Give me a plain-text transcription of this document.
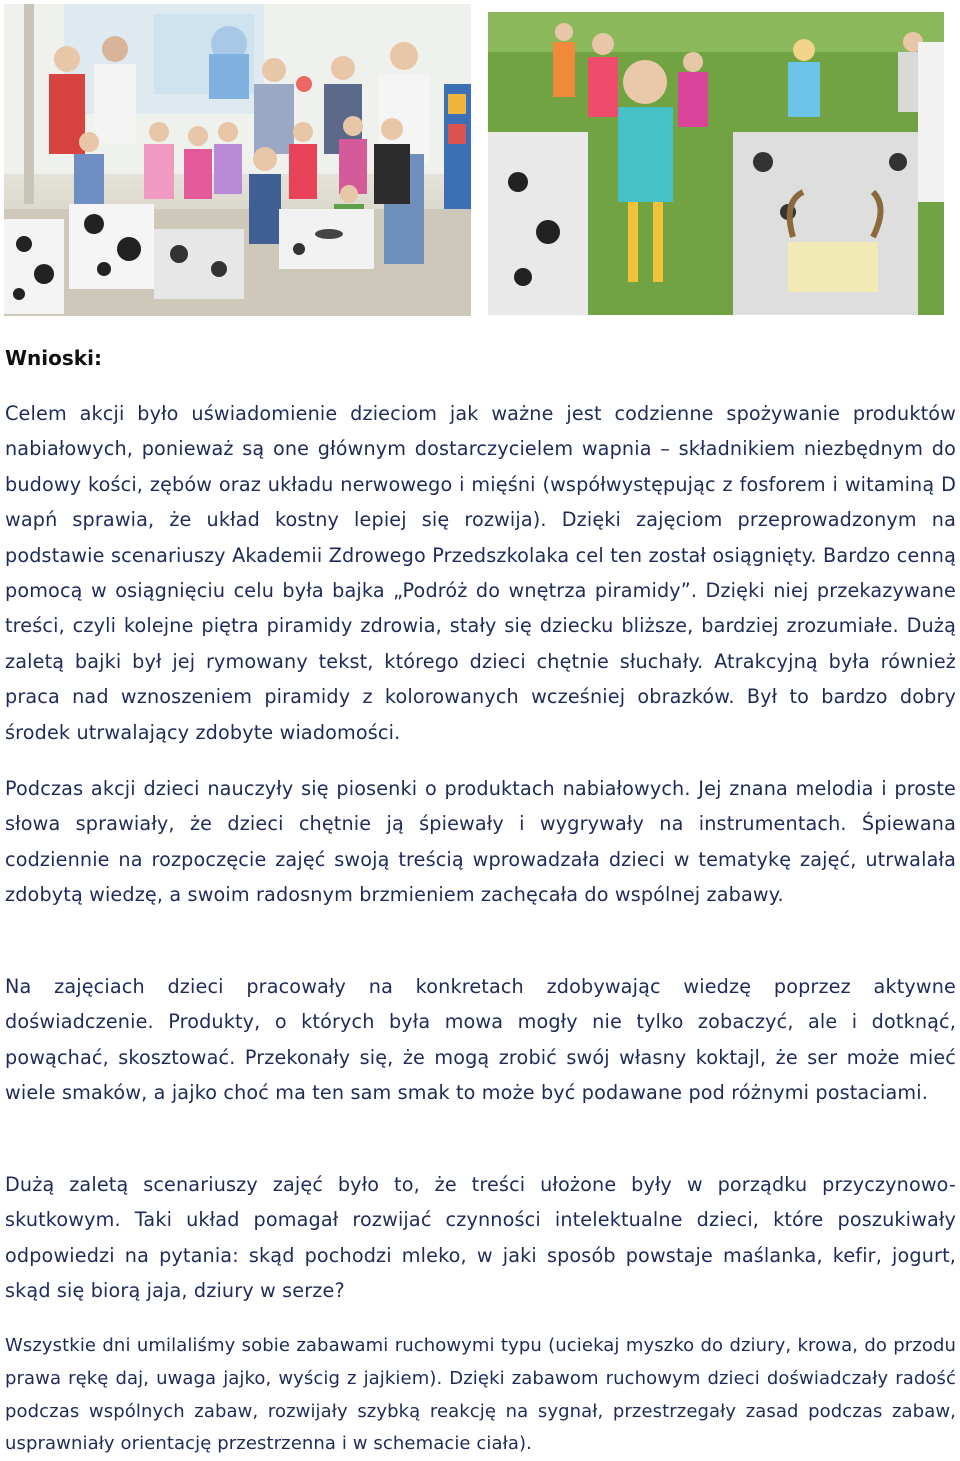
Wnioski:

Celem akcji było uświadomienie dzieciom jak ważne jest codzienne spożywanie produktów nabiałowych, ponieważ są one głównym dostarczycielem wapnia – składnikiem niezbędnym do budowy kości, zębów oraz układu nerwowego i mięśni (współwystępując z fosforem i witaminą D wapń sprawia, że układ kostny lepiej się rozwija). Dzięki zajęciom przeprowadzonym na podstawie scenariuszy Akademii Zdrowego Przedszkolaka cel ten został osiągnięty. Bardzo cenną pomocą w osiągnięciu celu była bajka „Podróż do wnętrza piramidy”. Dzięki niej przekazywane treści, czyli kolejne piętra piramidy zdrowia, stały się dziecku bliższe, bardziej zrozumiałe. Dużą zaletą bajki był jej rymowany tekst, którego dzieci chętnie słuchały. Atrakcyjną była również praca nad wznoszeniem piramidy z kolorowanych wcześniej obrazków. Był to bardzo dobry środek utrwalający zdobyte wiadomości.

Podczas akcji dzieci nauczyły się piosenki o produktach nabiałowych. Jej znana melodia i proste słowa sprawiały, że dzieci chętnie ją śpiewały i wygrywały na instrumentach. Śpiewana codziennie na rozpoczęcie zajęć swoją treścią wprowadzała dzieci w tematykę zajęć, utrwalała zdobytą wiedzę, a swoim radosnym brzmieniem zachęcała do wspólnej zabawy.

Na zajęciach dzieci pracowały na konkretach zdobywając wiedzę poprzez aktywne doświadczenie. Produkty, o których była mowa mogły nie tylko zobaczyć, ale i dotknąć, powąchać, skosztować. Przekonały się, że mogą zrobić swój własny koktajl, że ser może mieć wiele smaków, a jajko choć ma ten sam smak to może być podawane pod różnymi postaciami.

Dużą zaletą scenariuszy zajęć było to, że treści ułożone były w porządku przyczynowo-skutkowym. Taki układ pomagał rozwijać czynności intelektualne dzieci, które poszukiwały odpowiedzi na pytania: skąd pochodzi mleko, w jaki sposób powstaje maślanka, kefir, jogurt, skąd się biorą jaja, dziury w serze?

Wszystkie dni umilaliśmy sobie zabawami ruchowymi typu (uciekaj myszko do dziury, krowa, do przodu prawa rękę daj, uwaga jajko, wyścig z jajkiem). Dzięki zabawom ruchowym dzieci doświadczały radość podczas wspólnych zabaw, rozwijały szybką reakcję na sygnał, przestrzegały zasad podczas zabaw, usprawniały orientację przestrzenna i w schemacie ciała).
